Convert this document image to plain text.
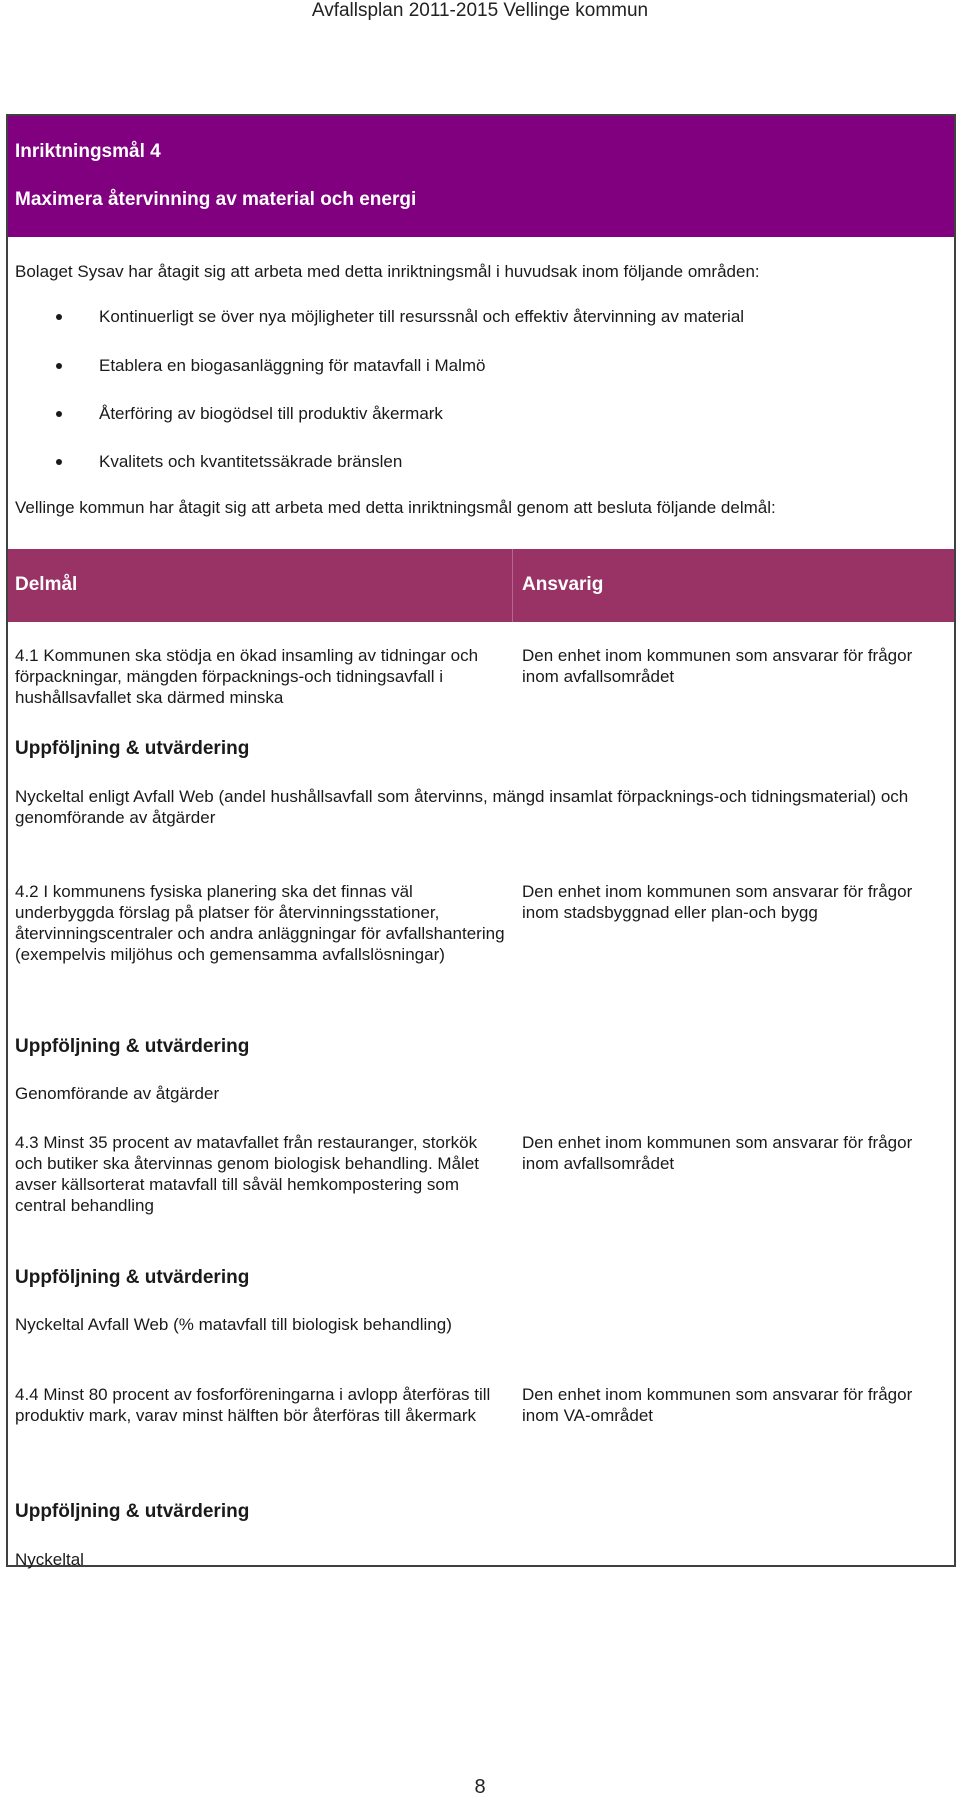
Avfallsplan 2011-2015 Vellinge kommun
Inriktningsmål 4
Maximera återvinning av material och energi
Bolaget Sysav har åtagit sig att arbeta med detta inriktningsmål i huvudsak inom följande områden:
Kontinuerligt se över nya möjligheter till resurssnål och effektiv återvinning av material
Etablera en biogasanläggning för matavfall i Malmö
Återföring av biogödsel till produktiv åkermark
Kvalitets och kvantitetssäkrade bränslen
Vellinge kommun har åtagit sig att arbeta med detta inriktningsmål genom att besluta följande delmål:
Delmål	Ansvarig
4.1 Kommunen ska stödja en ökad insamling av tidningar och förpackningar, mängden förpacknings-och tidningsavfall i hushållsavfallet ska därmed minska
Den enhet inom kommunen som ansvarar för frågor inom avfallsområdet
Uppföljning & utvärdering
Nyckeltal enligt Avfall Web (andel hushållsavfall som återvinns, mängd insamlat förpacknings-och tidningsmaterial) och genomförande av åtgärder
4.2 I kommunens fysiska planering ska det finnas väl underbyggda förslag på platser för återvinningsstationer, återvinningscentraler och andra anläggningar för avfallshantering (exempelvis miljöhus och gemensamma avfallslösningar)
Den enhet inom kommunen som ansvarar för frågor inom stadsbyggnad eller plan-och bygg
Uppföljning & utvärdering
Genomförande av åtgärder
4.3 Minst 35 procent av matavfallet från restauranger, storkök och butiker ska återvinnas genom biologisk behandling. Målet avser källsorterat matavfall till såväl hemkompostering som central behandling
Den enhet inom kommunen som ansvarar för frågor inom avfallsområdet
Uppföljning & utvärdering
Nyckeltal Avfall Web (% matavfall till biologisk behandling)
4.4 Minst 80 procent av fosforföreningarna i avlopp återföras till produktiv mark, varav minst hälften bör återföras till åkermark
Den enhet inom kommunen som ansvarar för frågor inom VA-området
Uppföljning & utvärdering
Nyckeltal
8
